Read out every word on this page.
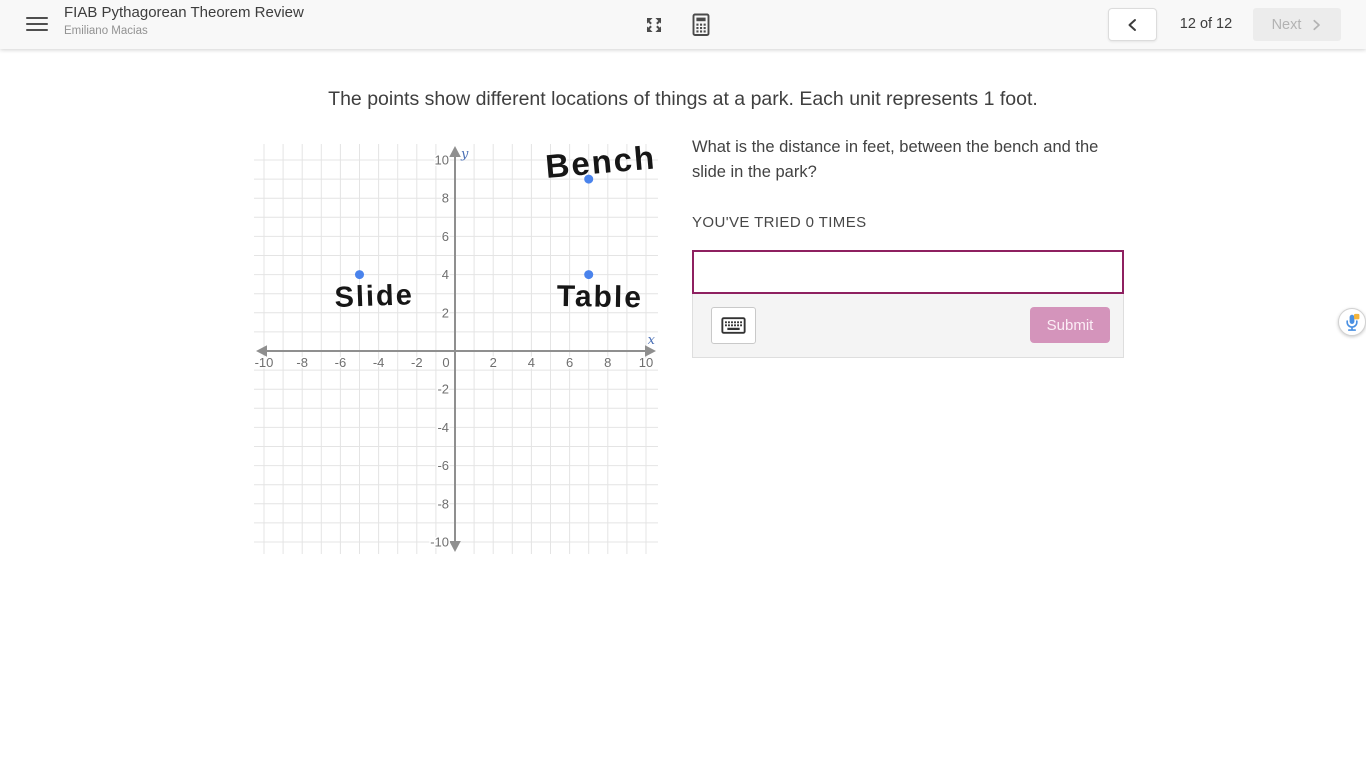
FIAB Pythagorean Theorem Review
Emiliano Macias	12 of 12	Next
The points show different locations of things at a park. Each unit represents 1 foot.
-10 -8 -6 -4 -2 0	2 4 6 8 10
-10
-8
-6
-4
-2
2
4
6
8
10
x
y Bench
Slide	Table
What is the distance in feet, between the bench and the slide in the park?
YOU'VE TRIED 0 TIMES
Submit
